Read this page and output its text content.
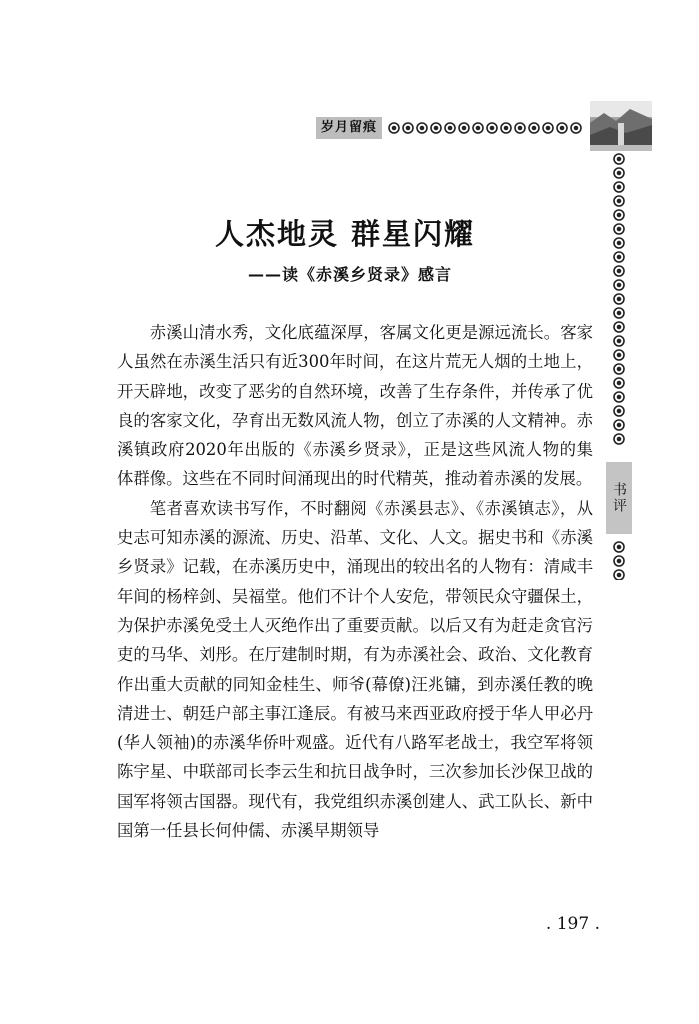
岁月留痕
书评
人杰地灵 群星闪耀
——读《赤溪乡贤录》感言

赤溪山清水秀，文化底蕴深厚，客属文化更是源远流长。客家人虽然在赤溪生活只有近300年时间，在这片荒无人烟的土地上，开天辟地，改变了恶劣的自然环境，改善了生存条件，并传承了优良的客家文化，孕育出无数风流人物，创立了赤溪的人文精神。赤溪镇政府2020年出版的《赤溪乡贤录》，正是这些风流人物的集体群像。这些在不同时间涌现出的时代精英，推动着赤溪的发展。

笔者喜欢读书写作，不时翻阅《赤溪县志》、《赤溪镇志》，从史志可知赤溪的源流、历史、沿革、文化、人文。据史书和《赤溪乡贤录》记载，在赤溪历史中，涌现出的较出名的人物有：清咸丰年间的杨梓剑、吴福堂。他们不计个人安危，带领民众守疆保土，为保护赤溪免受土人灭绝作出了重要贡献。以后又有为赶走贪官污吏的马华、刘彤。在厅建制时期，有为赤溪社会、政治、文化教育作出重大贡献的同知金桂生、师爷(幕僚)汪兆镛，到赤溪任教的晚清进士、朝廷户部主事江逢辰。有被马来西亚政府授于华人甲必丹(华人领袖)的赤溪华侨叶观盛。近代有八路军老战士，我空军将领陈宇星、中联部司长李云生和抗日战争时，三次参加长沙保卫战的国军将领古国器。现代有，我党组织赤溪创建人、武工队长、新中国第一任县长何仲儒、赤溪早期领导

. 197 .
